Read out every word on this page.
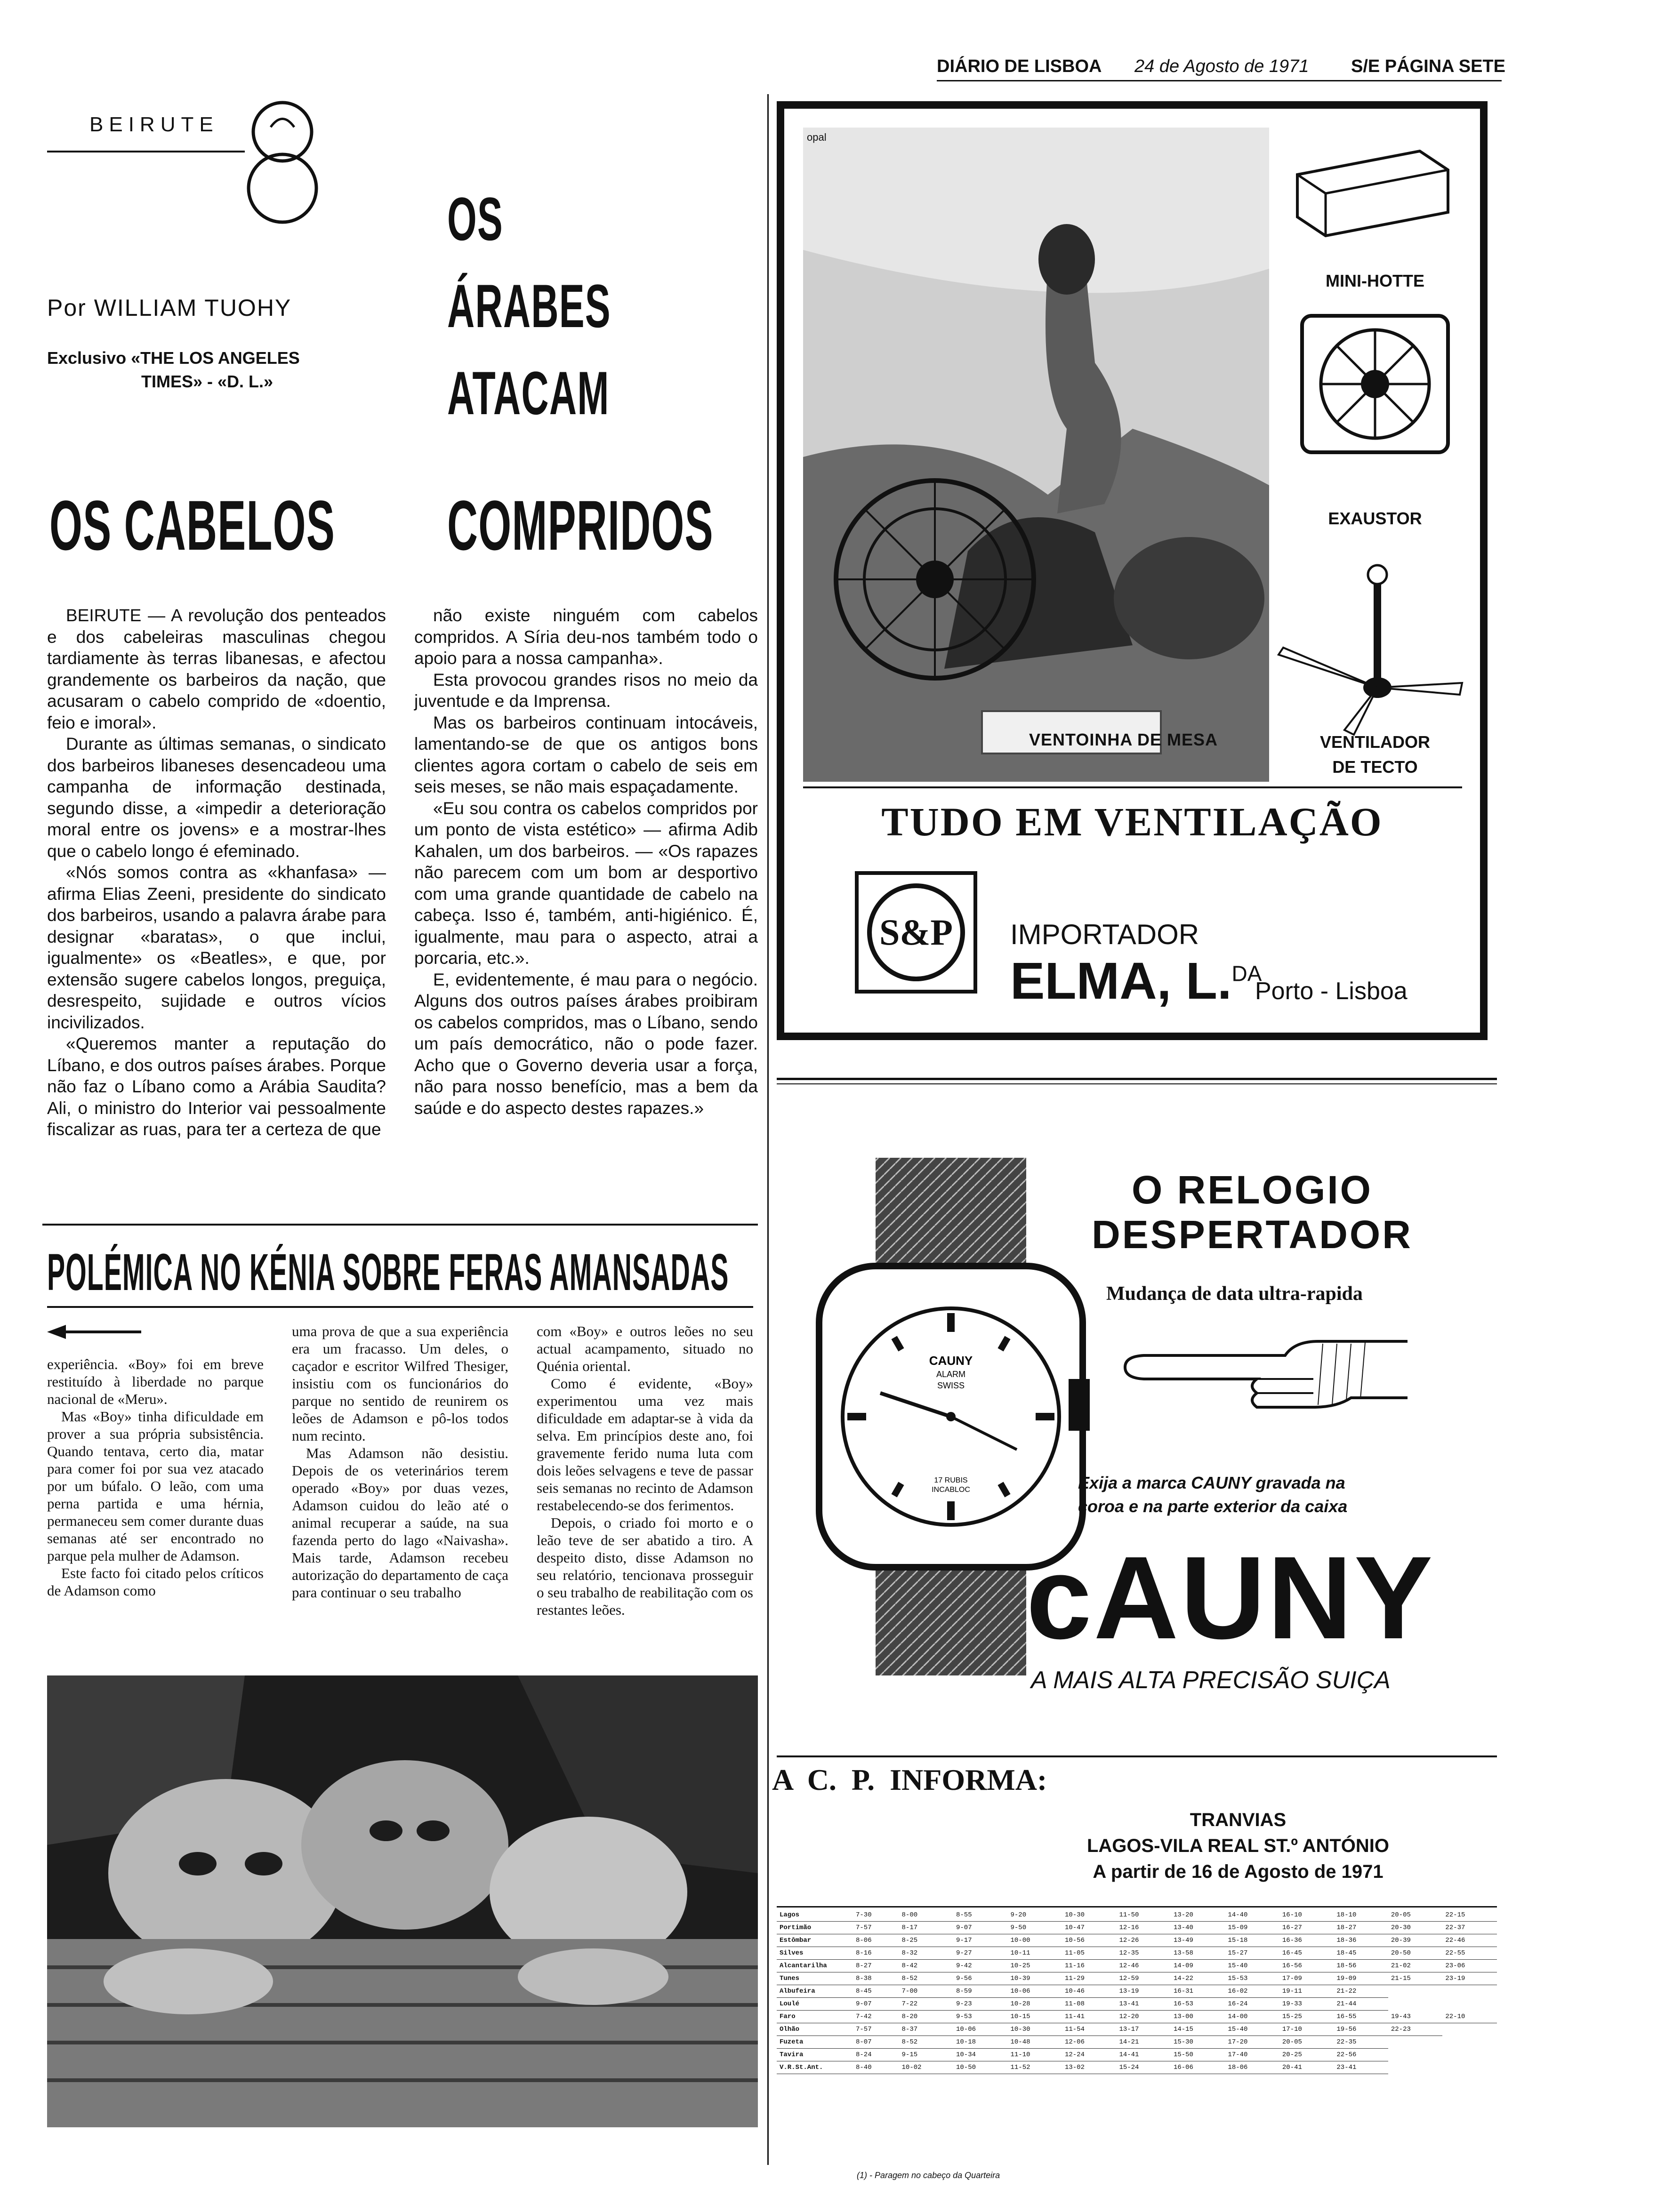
DIÁRIO DE LISBOA 24 de Agosto de 1971 S/E PÁGINA SETE
BEIRUTE
Por WILLIAM TUOHY
Exclusivo «THE LOS ANGELES
TIMES» - «D. L.»
OS
ÁRABES
ATACAM
OS CABELOS COMPRIDOS

BEIRUTE — A revolução dos penteados e dos cabeleiras masculinas chegou tardiamente às terras libanesas, e afectou grandemente os barbeiros da nação, que acusaram o cabelo comprido de «doentio, feio e imoral».

Durante as últimas semanas, o sindicato dos barbeiros libaneses desencadeou uma campanha de informação destinada, segundo disse, a «impedir a deterioração moral entre os jovens» e a mostrar-lhes que o cabelo longo é efeminado.

«Nós somos contra as «khanfasa» — afirma Elias Zeeni, presidente do sindicato dos barbeiros, usando a palavra árabe para designar «baratas», o que inclui, igualmente» os «Beatles», e que, por extensão sugere cabelos longos, preguiça, desrespeito, sujidade e outros vícios incivilizados.

«Queremos manter a reputação do Líbano, e dos outros países árabes. Porque não faz o Líbano como a Arábia Saudita? Ali, o ministro do Interior vai pessoalmente fiscalizar as ruas, para ter a certeza de que

não existe ninguém com cabelos compridos. A Síria deu-nos também todo o apoio para a nossa campanha».

Esta provocou grandes risos no meio da juventude e da Imprensa.

Mas os barbeiros continuam intocáveis, lamentando-se de que os antigos bons clientes agora cortam o cabelo de seis em seis meses, se não mais espaçadamente.

«Eu sou contra os cabelos compridos por um ponto de vista estético» — afirma Adib Kahalen, um dos barbeiros. — «Os rapazes não parecem com um bom ar desportivo com uma grande quantidade de cabelo na cabeça. Isso é, também, anti-higiénico. É, igualmente, mau para o aspecto, atrai a porcaria, etc.».

E, evidentemente, é mau para o negócio. Alguns dos outros países árabes proibiram os cabelos compridos, mas o Líbano, sendo um país democrático, não o pode fazer. Acho que o Governo deveria usar a força, não para nosso benefício, mas a bem da saúde e do aspecto destes rapazes.»

POLÉMICA NO KÉNIA SOBRE FERAS AMANSADAS

experiência. «Boy» foi em breve restituído à liberdade no parque nacional de «Meru».

Mas «Boy» tinha dificuldade em prover a sua própria subsistência. Quando tentava, certo dia, matar para comer foi por sua vez atacado por um búfalo. O leão, com uma perna partida e uma hérnia, permaneceu sem comer durante duas semanas até ser encontrado no parque pela mulher de Adamson.

Este facto foi citado pelos críticos de Adamson como

uma prova de que a sua experiência era um fracasso. Um deles, o caçador e escritor Wilfred Thesiger, insistiu com os funcionários do parque no sentido de reunirem os leões de Adamson e pô-los todos num recinto.

Mas Adamson não desistiu. Depois de os veterinários terem operado «Boy» por duas vezes, Adamson cuidou do leão até o animal recuperar a saúde, na sua fazenda perto do lago «Naivasha». Mais tarde, Adamson recebeu autorização do departamento de caça para continuar o seu trabalho

com «Boy» e outros leões no seu actual acampamento, situado no Quénia oriental.

Como é evidente, «Boy» experimentou uma vez mais dificuldade em adaptar-se à vida da selva. Em princípios deste ano, foi gravemente ferido numa luta com dois leões selvagens e teve de passar seis semanas no recinto de Adamson restabelecendo-se dos ferimentos.

Depois, o criado foi morto e o leão teve de ser abatido a tiro. A despeito disto, disse Adamson no seu relatório, tencionava prosseguir o seu trabalho de reabilitação com os restantes leões.

opal
VENTOINHA DE MESA
MINI-HOTTE
EXAUSTOR
VENTILADOR
DE TECTO
TUDO EM VENTILAÇÃO
S&P IMPORTADOR
ELMA, L.$^{DA}$
Porto - Lisboa
CAUNY
ALARM
SWISS
17 RUBIS
INCABLOC
O RELOGIO
DESPERTADOR
Mudança de data ultra-rapida
Exija a marca CAUNY gravada na
coroa e na parte exterior da caixa
cAUNY
A MAIS ALTA PRECISÃO SUIÇA
A  C.  P.  INFORMA:
TRANVIAS
LAGOS-VILA REAL ST.º ANTÓNIO
A partir de 16 de Agosto de 1971
Lagos	7-30	8-00	8-55	9-20	10-30	11-50	13-20	14-40	16-10	18-10	20-05	22-15
Portimão	7-57	8-17	9-07	9-50	10-47	12-16	13-40	15-09	16-27	18-27	20-30	22-37
Estômbar	8-06	8-25	9-17	10-00	10-56	12-26	13-49	15-18	16-36	18-36	20-39	22-46
Silves	8-16	8-32	9-27	10-11	11-05	12-35	13-58	15-27	16-45	18-45	20-50	22-55
Alcantarilha	8-27	8-42	9-42	10-25	11-16	12-46	14-09	15-40	16-56	18-56	21-02	23-06
Tunes	8-38	8-52	9-56	10-39	11-29	12-59	14-22	15-53	17-09	19-09	21-15	23-19
Albufeira	8-45	7-00	8-59	10-06	10-46	13-19	16-31	16-02	19-11	21-22		
Loulé	9-07	7-22	9-23	10-28	11-08	13-41	16-53	16-24	19-33	21-44		
Faro	7-42	8-20	9-53	10-15	11-41	12-20	13-00	14-00	15-25	16-55	19-43	22-10
Olhão	7-57	8-37	10-06	10-30	11-54	13-17	14-15	15-40	17-10	19-56	22-23	
Fuzeta	8-07	8-52	10-18	10-48	12-06	14-21	15-30	17-20	20-05	22-35		
Tavira	8-24	9-15	10-34	11-10	12-24	14-41	15-50	17-40	20-25	22-56		
V.R.St.Ant.	8-40	10-02	10-50	11-52	13-02	15-24	16-06	18-06	20-41	23-41		
(1) - Paragem no cabeço da Quarteira
